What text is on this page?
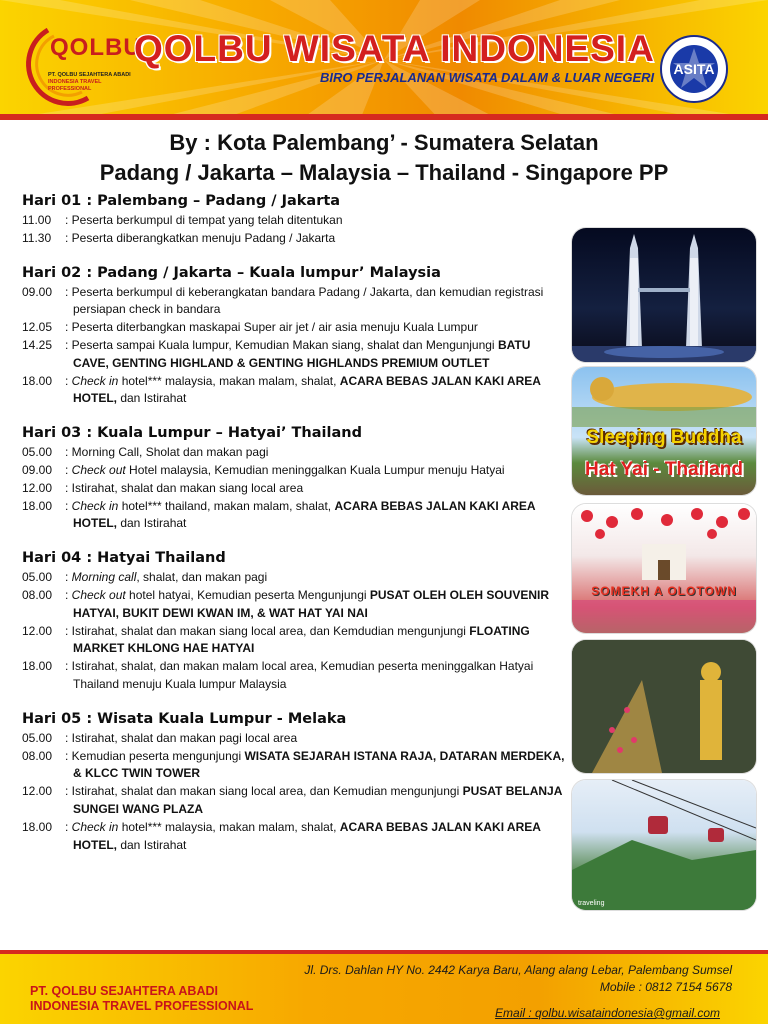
QOLBU
PT. QOLBU SEJAHTERA ABADI
INDONESIA TRAVEL PROFESSIONAL
QOLBU WISATA INDONESIA
BIRO PERJALANAN WISATA DALAM & LUAR NEGERI
ASITA
By : Kota Palembang’ - Sumatera Selatan
Padang / Jakarta – Malaysia – Thailand - Singapore PP
Hari 01 : Palembang – Padang / Jakarta
11.00	: Peserta berkumpul di tempat yang telah ditentukan
11.30	: Peserta diberangkatkan menuju Padang / Jakarta
Hari 02 : Padang / Jakarta – Kuala lumpur’ Malaysia
09.00	: Peserta berkumpul di keberangkatan bandara Padang / Jakarta, dan kemudian registrasi persiapan check in bandara
12.05	: Peserta diterbangkan maskapai Super air jet / air asia menuju Kuala Lumpur
14.25	: Peserta sampai Kuala lumpur, Kemudian Makan siang, shalat dan Mengunjungi BATU CAVE, GENTING HIGHLAND & GENTING HIGHLANDS PREMIUM OUTLET
18.00	: Check in hotel*** malaysia, makan malam, shalat, ACARA BEBAS JALAN KAKI AREA HOTEL, dan Istirahat
Hari 03 : Kuala Lumpur – Hatyai’ Thailand
05.00	: Morning Call, Sholat dan makan pagi
09.00	: Check out Hotel malaysia, Kemudian meninggalkan Kuala Lumpur menuju Hatyai
12.00	: Istirahat, shalat dan makan siang local area
18.00	: Check in hotel*** thailand, makan malam, shalat, ACARA BEBAS JALAN KAKI AREA HOTEL, dan Istirahat
Hari 04 : Hatyai Thailand
05.00	: Morning call, shalat, dan makan pagi
08.00	: Check out hotel hatyai, Kemudian peserta Mengunjungi PUSAT OLEH OLEH SOUVENIR HATYAI, BUKIT DEWI KWAN IM, & WAT HAT YAI NAI
12.00	: Istirahat, shalat dan makan siang local area, dan Kemdudian mengunjungi FLOATING MARKET KHLONG HAE HATYAI
18.00	: Istirahat, shalat, dan makan malam local area, Kemudian peserta meninggalkan Hatyai Thailand menuju Kuala lumpur Malaysia
Hari 05 : Wisata Kuala Lumpur - Melaka
05.00	: Istirahat, shalat dan makan pagi local area
08.00	: Kemudian peserta mengunjungi WISATA SEJARAH ISTANA RAJA, DATARAN MERDEKA, & KLCC TWIN TOWER
12.00	: Istirahat, shalat dan makan siang local area, dan Kemudian mengunjungi PUSAT BELANJA SUNGEI WANG PLAZA
18.00	: Check in hotel*** malaysia, makan malam, shalat, ACARA BEBAS JALAN KAKI AREA HOTEL, dan Istirahat
Sleeping Buddha
Hat Yai - Thailand
SOMEKH A OLOTOWN
traveling
PT. QOLBU SEJAHTERA ABADI
INDONESIA TRAVEL PROFESSIONAL
Jl. Drs. Dahlan HY No. 2442 Karya Baru, Alang alang Lebar, Palembang Sumsel
Mobile : 0812 7154 5678
Email : qolbu.wisataindonesia@gmail.com
